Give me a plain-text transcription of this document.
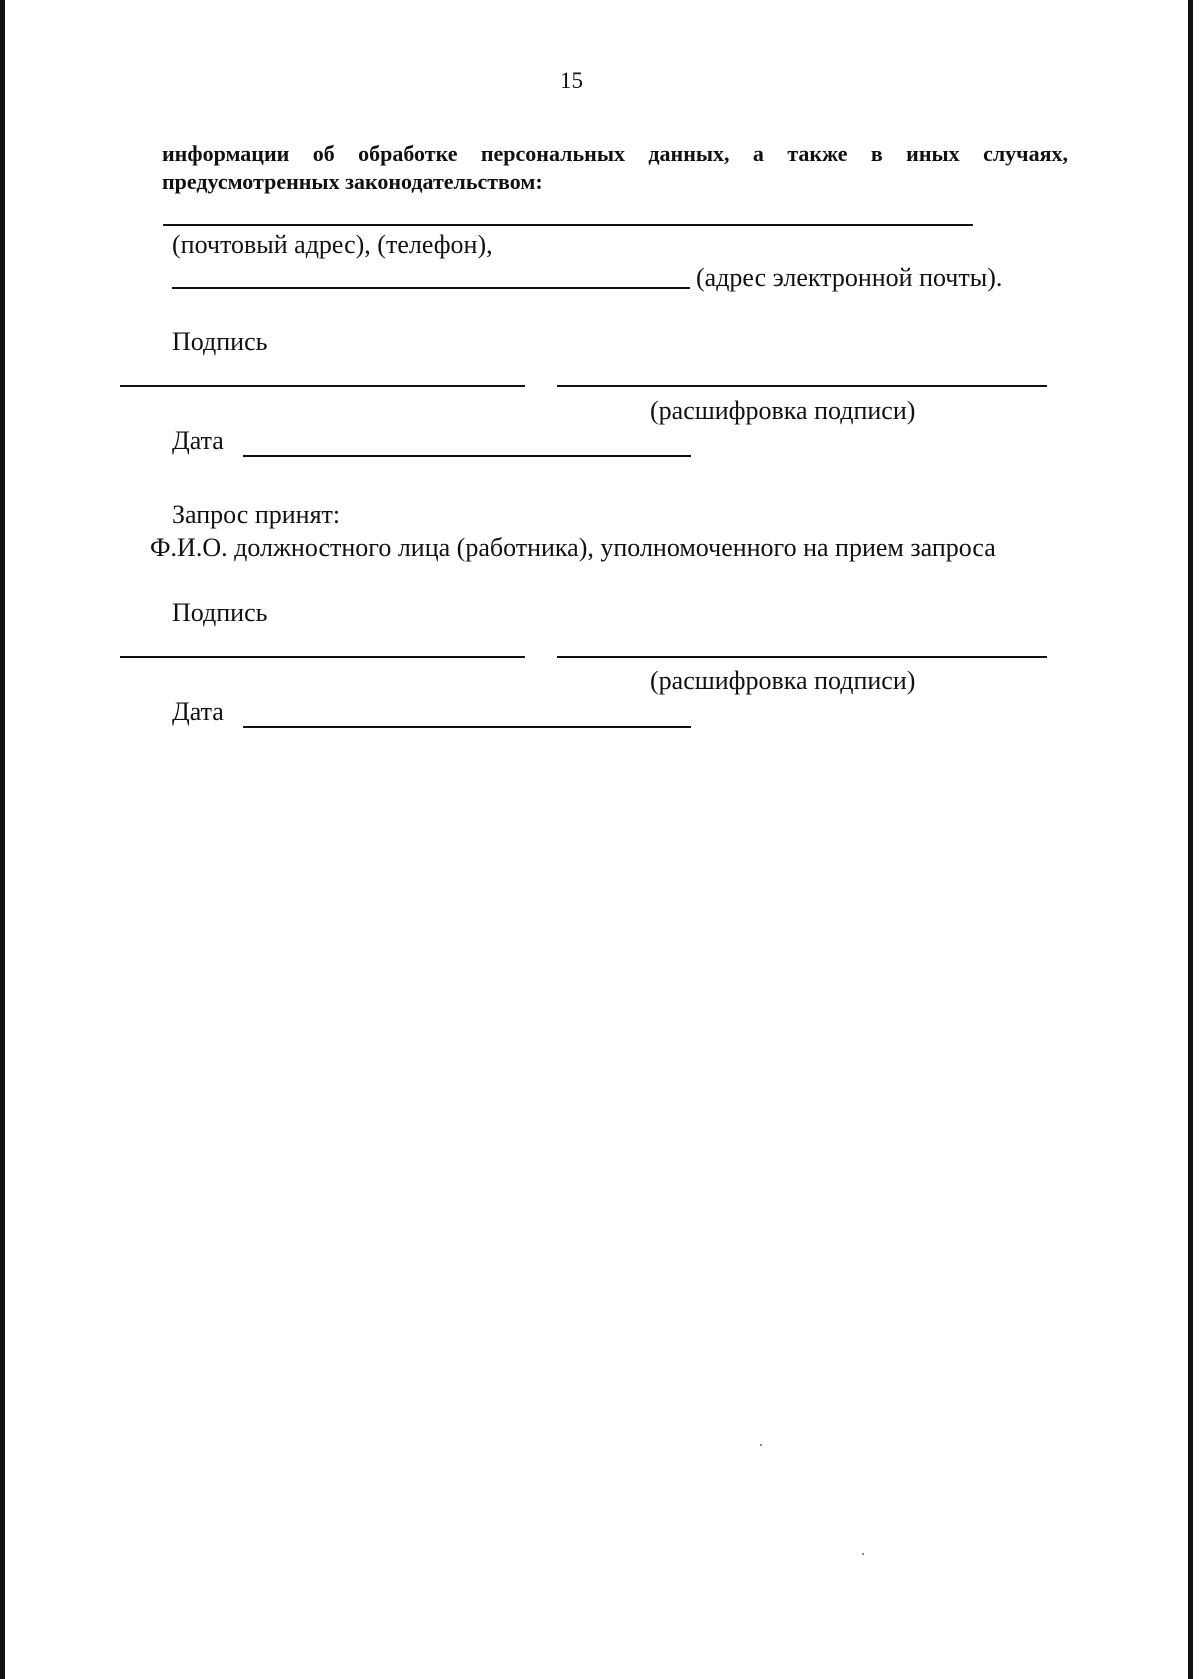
15
информации об обработке персональных данных, а также в иных случаях,
предусмотренных законодательством:
(почтовый адрес), (телефон),
(адрес электронной почты).
Подпись
(расшифровка подписи)
Дата
Запрос принят:
Ф.И.О. должностного лица (работника), уполномоченного на прием запроса
Подпись
(расшифровка подписи)
Дата
